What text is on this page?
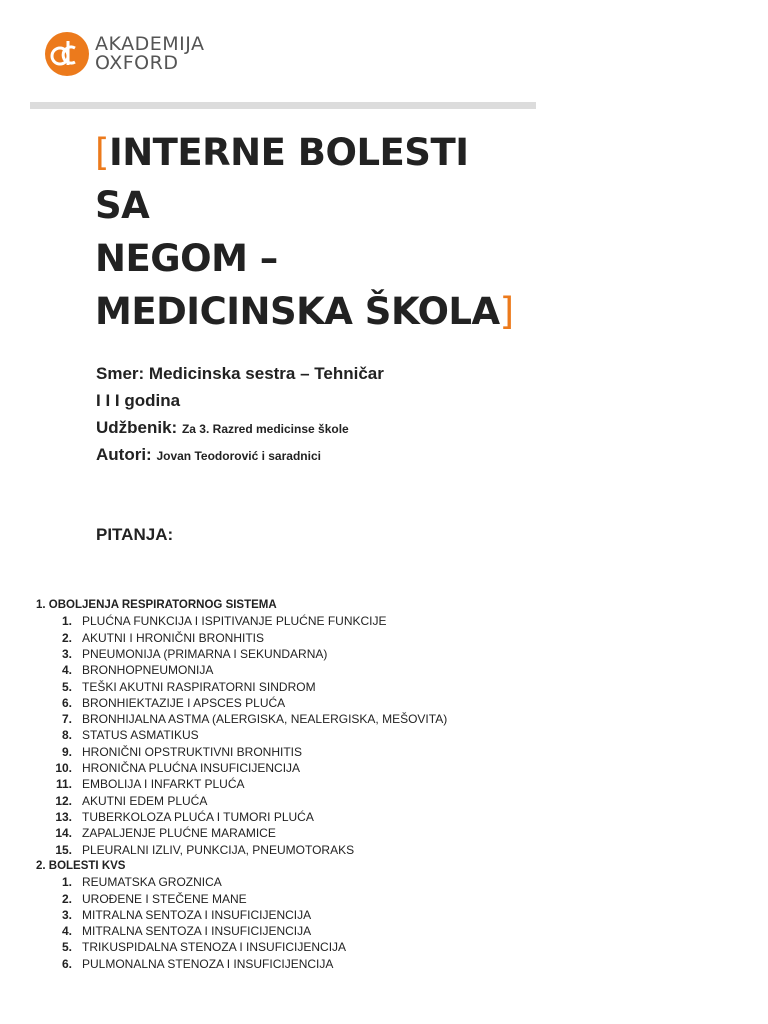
AKADEMIJA
OXFORD
[INTERNE BOLESTI SA
NEGOM –
MEDICINSKA ŠKOLA]
Smer: Medicinska sestra – Tehničar
I I I godina
Udžbenik: Za 3. Razred medicinse škole
Autori: Jovan Teodorović i saradnici
PITANJA:
1. OBOLJENJA RESPIRATORNOG SISTEMA
1. PLUĆNA FUNKCIJA I ISPITIVANJE PLUĆNE FUNKCIJE
2. AKUTNI I HRONIČNI BRONHITIS
3. PNEUMONIJA (PRIMARNA I SEKUNDARNA)
4. BRONHOPNEUMONIJA
5. TEŠKI AKUTNI RASPIRATORNI SINDROM
6. BRONHIEKTAZIJE I APSCES PLUĆA
7. BRONHIJALNA ASTMA (ALERGISKA, NEALERGISKA, MEŠOVITA)
8. STATUS ASMATIKUS
9. HRONIČNI OPSTRUKTIVNI BRONHITIS
10. HRONIČNA PLUĆNA INSUFICIJENCIJA
11. EMBOLIJA I INFARKT PLUĆA
12. AKUTNI EDEM PLUĆA
13. TUBERKOLOZA PLUĆA I TUMORI PLUĆA
14. ZAPALJENJE PLUĆNE MARAMICE
15. PLEURALNI IZLIV, PUNKCIJA, PNEUMOTORAKS
2. BOLESTI KVS
1. REUMATSKA GROZNICA
2. UROĐENE I STEČENE MANE
3. MITRALNA SENTOZA I INSUFICIJENCIJA
4. MITRALNA SENTOZA I INSUFICIJENCIJA
5. TRIKUSPIDALNA STENOZA I INSUFICIJENCIJA
6. PULMONALNA STENOZA I INSUFICIJENCIJA
